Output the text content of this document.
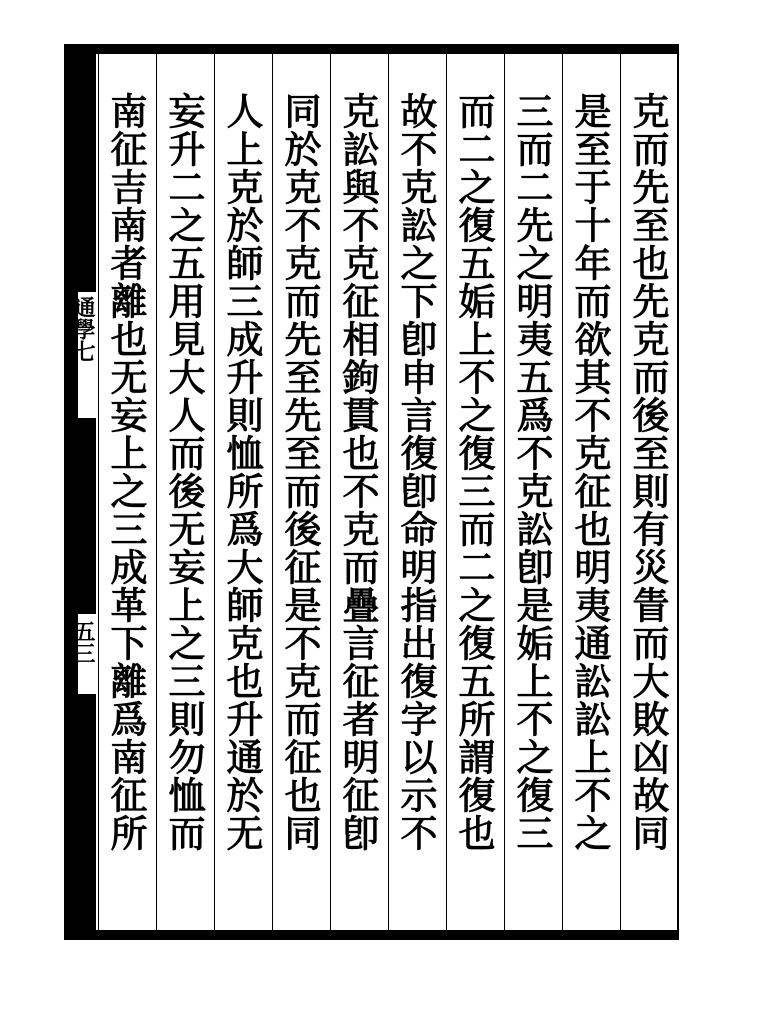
通學七
五三	克而先至也先克而後至則有災眚而大敗凶故同
是至于十年而欲其不克征也明夷通訟訟上不之
三而二先之明夷五爲不克訟卽是姤上不之復三
而二之復五姤上不之復三而二之復五所謂復也
故不克訟之下卽申言復卽命明指出復字以示不
克訟與不克征相鉤貫也不克而疊言征者明征卽
同於克不克而先至先至而後征是不克而征也同
人上克於師三成升則恤所爲大師克也升通於无
妄升二之五用見大人而後无妄上之三則勿恤而
南征吉南者離也无妄上之三成革下離爲南征所
